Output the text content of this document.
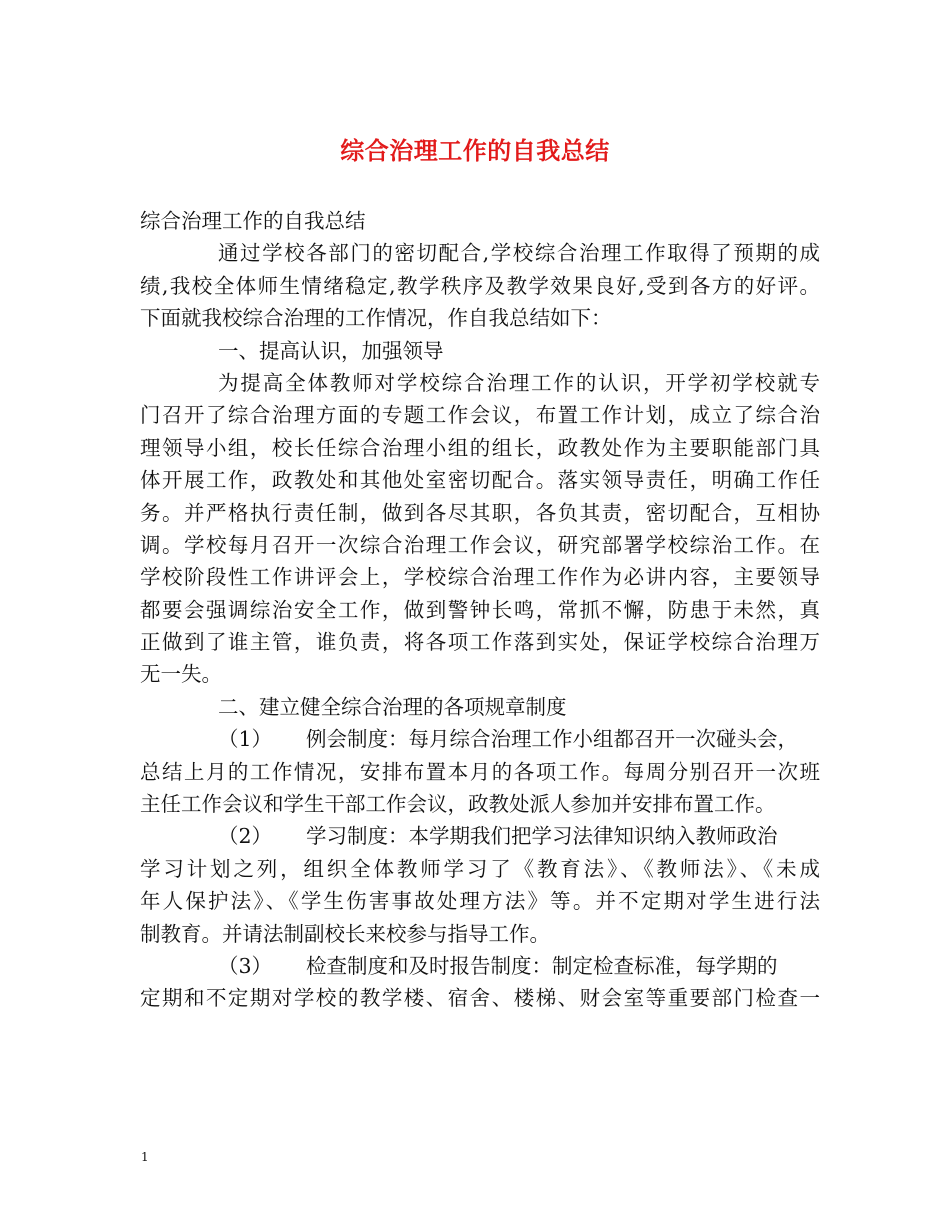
综合治理工作的自我总结
综合治理工作的自我总结
通过学校各部门的密切配合,学校综合治理工作取得了预期的成
绩,我校全体师生情绪稳定,教学秩序及教学效果良好,受到各方的好评。
下面就我校综合治理的工作情况，作自我总结如下：
一、提高认识，加强领导
为提高全体教师对学校综合治理工作的认识，开学初学校就专
门召开了综合治理方面的专题工作会议，布置工作计划，成立了综合治
理领导小组，校长任综合治理小组的组长，政教处作为主要职能部门具
体开展工作，政教处和其他处室密切配合。落实领导责任，明确工作任
务。并严格执行责任制，做到各尽其职，各负其责，密切配合，互相协
调。学校每月召开一次综合治理工作会议，研究部署学校综治工作。在
学校阶段性工作讲评会上，学校综合治理工作作为必讲内容，主要领导
都要会强调综治安全工作，做到警钟长鸣，常抓不懈，防患于未然，真
正做到了谁主管，谁负责，将各项工作落到实处，保证学校综合治理万
无一失。
二、建立健全综合治理的各项规章制度
（1） 例会制度：每月综合治理工作小组都召开一次碰头会，
总结上月的工作情况，安排布置本月的各项工作。每周分别召开一次班
主任工作会议和学生干部工作会议，政教处派人参加并安排布置工作。
（2） 学习制度：本学期我们把学习法律知识纳入教师政治
学习计划之列，组织全体教师学习了《教育法》、《教师法》、《未成
年人保护法》、《学生伤害事故处理方法》等。并不定期对学生进行法
制教育。并请法制副校长来校参与指导工作。
（3） 检查制度和及时报告制度：制定检查标准，每学期的
定期和不定期对学校的教学楼、宿舍、楼梯、财会室等重要部门检查一
1
